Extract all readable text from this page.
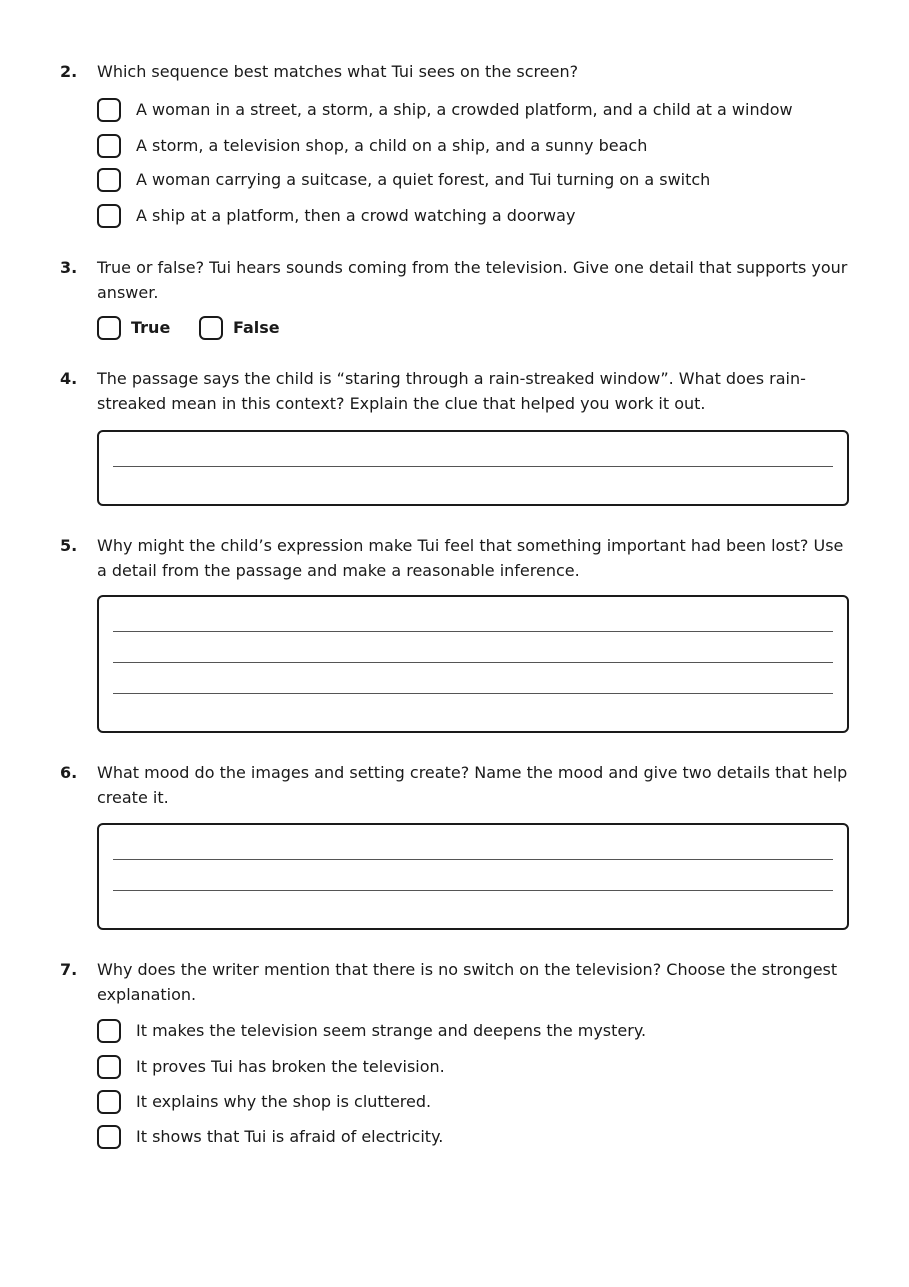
2. Which sequence best matches what Tui sees on the screen?
A woman in a street, a storm, a ship, a crowded platform, and a child at a window
A storm, a television shop, a child on a ship, and a sunny beach
A woman carrying a suitcase, a quiet forest, and Tui turning on a switch
A ship at a platform, then a crowd watching a doorway
3. True or false? Tui hears sounds coming from the television. Give one detail that supports your answer.
True	False
4. The passage says the child is “staring through a rain-streaked window”. What does rain-streaked mean in this context? Explain the clue that helped you work it out.
5. Why might the child’s expression make Tui feel that something important had been lost? Use a detail from the passage and make a reasonable inference.
6. What mood do the images and setting create? Name the mood and give two details that help create it.
7. Why does the writer mention that there is no switch on the television? Choose the strongest explanation.
It makes the television seem strange and deepens the mystery.
It proves Tui has broken the television.
It explains why the shop is cluttered.
It shows that Tui is afraid of electricity.
